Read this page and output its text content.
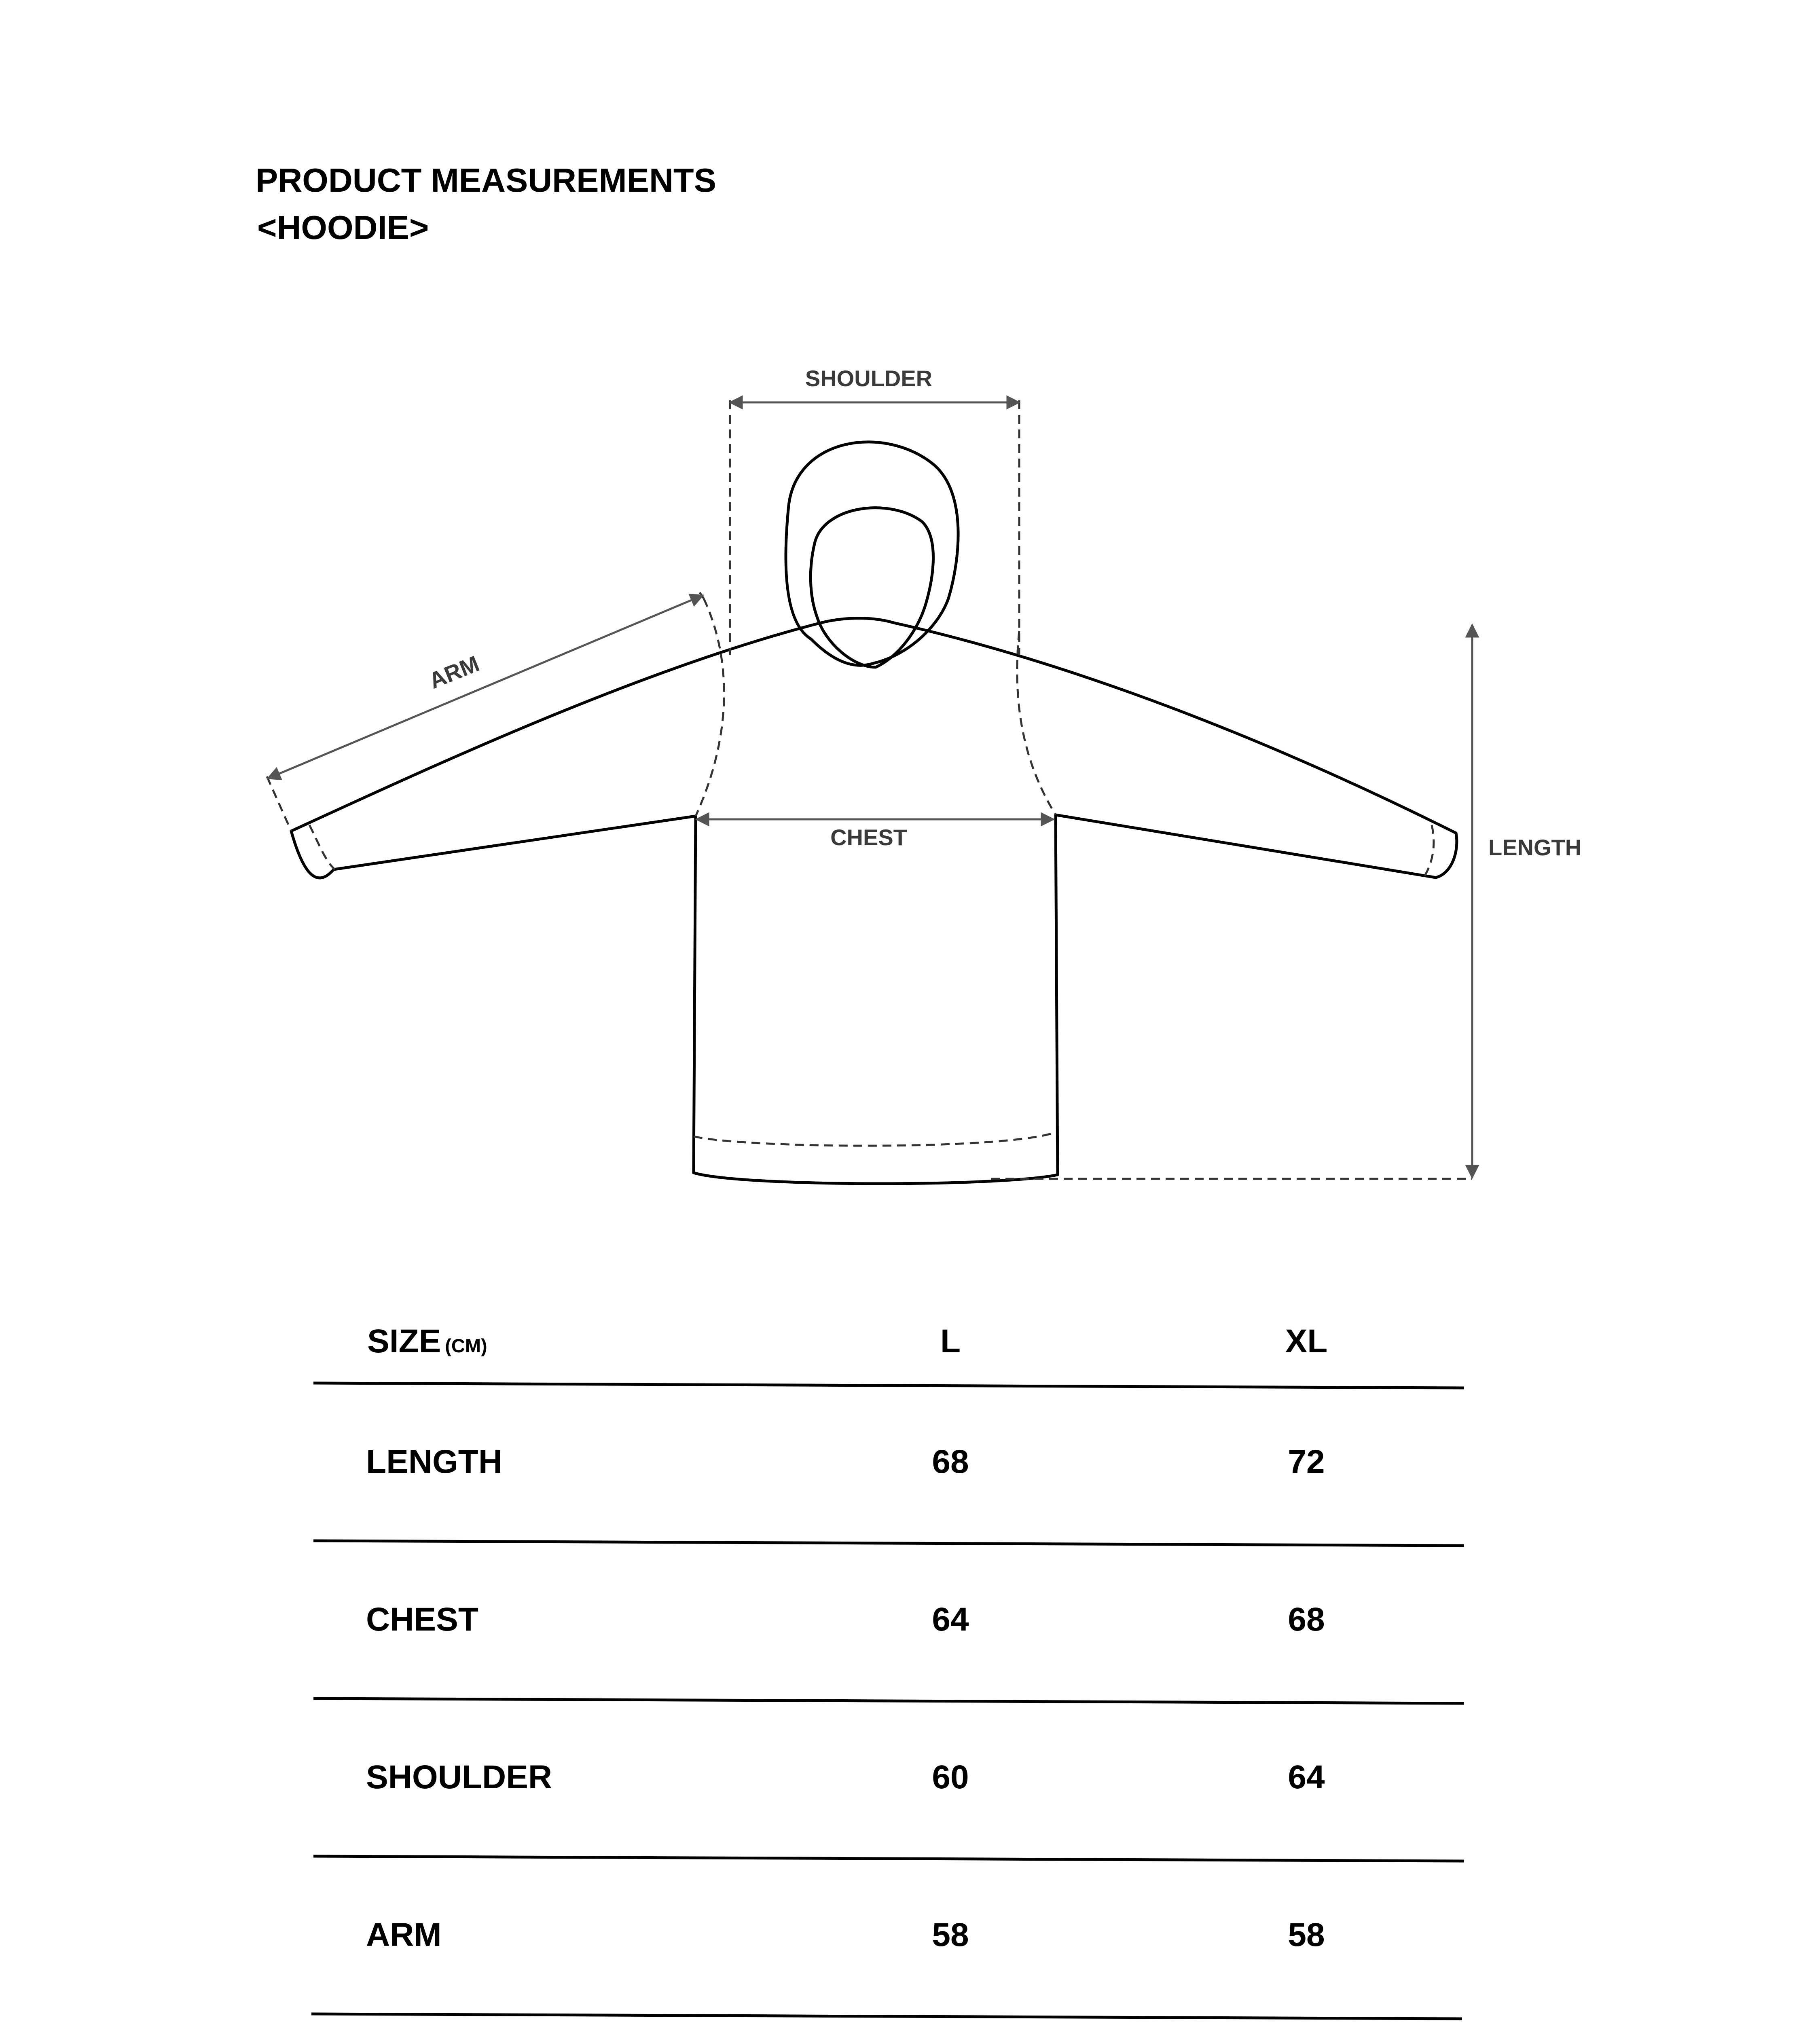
PRODUCT MEASUREMENTS
<HOODIE>
SHOULDER
ARM
CHEST	LENGTH
SIZE (CM)	L	XL
LENGTH	68	72
CHEST	64	68
SHOULDER	60	64
ARM	58	58
